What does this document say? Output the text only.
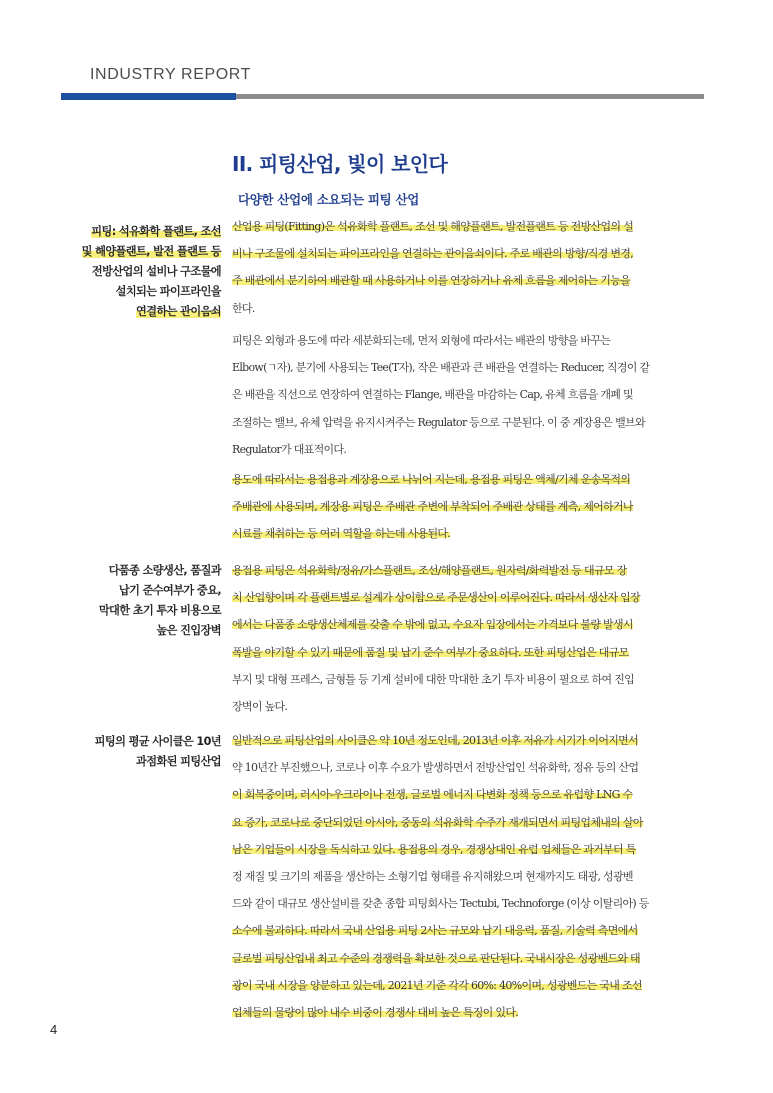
INDUSTRY REPORT
II. 피팅산업, 빛이 보인다
다양한 산업에 소요되는 피팅 산업
피팅: 석유화학 플랜트, 조선
및 해양플랜트, 발전 플랜트 등
전방산업의 설비나 구조물에
설치되는 파이프라인을
연결하는 관이음쇠
다품종 소량생산, 품질과
납기 준수여부가 중요,
막대한 초기 투자 비용으로
높은 진입장벽
피팅의 평균 사이클은 10년
과점화된 피팅산업
산업용 피팅(Fitting)은 석유화학 플랜트, 조선 및 해양플랜트, 발전플랜트 등 전방산업의 설
비나 구조물에 설치되는 파이프라인을 연결하는 관이음쇠이다. 주로 배관의 방향/직경 변경,
주 배관에서 분기하여 배관할 때 사용하거나 이를 연장하거나 유체 흐름을 제어하는 기능을
한다.
피팅은 외형과 용도에 따라 세분화되는데, 먼저 외형에 따라서는 배관의 방향을 바꾸는
Elbow(ㄱ자), 분기에 사용되는 Tee(T자), 작은 배관과 큰 배관을 연결하는 Reducer, 직경이 같
은 배관을 직선으로 연장하여 연결하는 Flange, 배관을 마감하는 Cap, 유체 흐름을 개폐 및
조절하는 밸브, 유체 압력을 유지시켜주는 Regulator 등으로 구분된다. 이 중 계장용은 밸브와
Regulator가 대표적이다.
용도에 따라서는 용접용과 계장용으로 나뉘어 지는데, 용접용 피팅은 액체/기체 운송목적의
주배관에 사용되며, 계장용 피팅은 주배관 주변에 부착되어 주배관 상태를 계측, 제어하거나
시료를 채취하는 등 여러 역할을 하는데 사용된다.
용접용 피팅은 석유화학/정유/가스플랜트, 조선/해양플랜트, 원자력/화력발전 등 대규모 장
치 산업향이며 각 플랜트별로 설계가 상이함으로 주문생산이 이루어진다. 따라서 생산자 입장
에서는 다품종 소량생산체제를 갖출 수 밖에 없고, 수요자 입장에서는 가격보다 불량 발생시
폭발을 야기할 수 있기 때문에 품질 및 납기 준수 여부가 중요하다. 또한 피팅산업은 대규모
부지 및 대형 프레스, 금형틀 등 기계 설비에 대한 막대한 초기 투자 비용이 필요로 하여 진입
장벽이 높다.
일반적으로 피팅산업의 사이클은 약 10년 정도인데, 2013년 이후 저유가 시기가 이어지면서
약 10년간 부진했으나, 코로나 이후 수요가 발생하면서 전방산업인 석유화학, 정유 등의 산업
이 회복중이며, 러시아-우크라이나 전쟁, 글로벌 에너지 다변화 정책 등으로 유럽향 LNG 수
요 증가, 코로나로 중단되었던 아시아, 중동의 석유화학 수주가 재개되면서 피팅업체내의 살아
남은 기업들이 시장을 독식하고 있다. 용접용의 경우, 경쟁상대인 유럽 업체들은 과거부터 특
정 재질 및 크기의 제품을 생산하는 소형기업 형태를 유지해왔으며 현재까지도 태광, 성광벤
드와 같이 대규모 생산설비를 갖춘 종합 피팅회사는 Tectubi, Technoforge (이상 이탈리아) 등
소수에 불과하다. 따라서 국내 산업용 피팅 2사는 규모와 납기 대응력, 품질, 기술력 측면에서
글로벌 피팅산업내 최고 수준의 경쟁력을 확보한 것으로 판단된다. 국내시장은 성광벤드와 태
광이 국내 시장을 양분하고 있는데, 2021년 기준 각각 60%: 40%이며, 성광벤드는 국내 조선
업체들의 물량이 많아 내수 비중이 경쟁사 대비 높은 특징이 있다.
4
